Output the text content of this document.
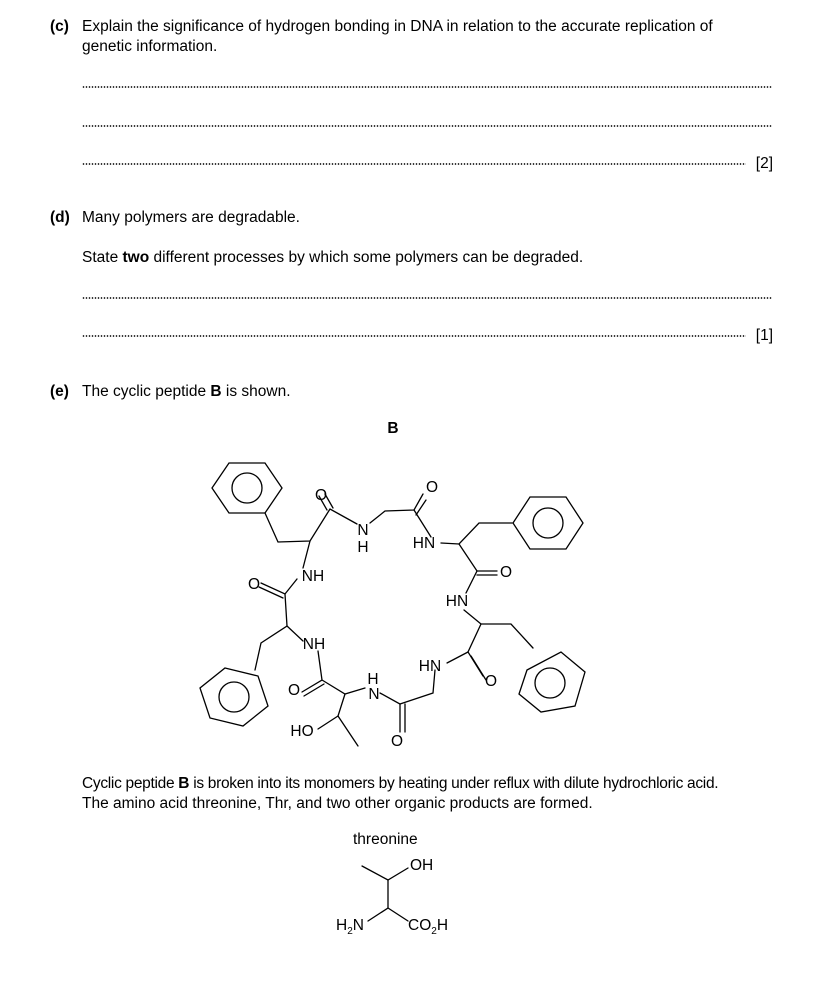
(c) Explain the significance of hydrogen bonding in DNA in relation to the accurate replication of
genetic information.
[2]
(d) Many polymers are degradable.
State two different processes by which some polymers can be degraded.
[1]
(e) The cyclic peptide B is shown.
B
O
N
H
O
HN
O
HN
O	NH
NH
O
H
N
HN
O
O
HO
Cyclic peptide B is broken into its monomers by heating under reflux with dilute hydrochloric acid.
The amino acid threonine, Thr, and two other organic products are formed.
threonine
OH
$H_2N$	$CO_2H$
